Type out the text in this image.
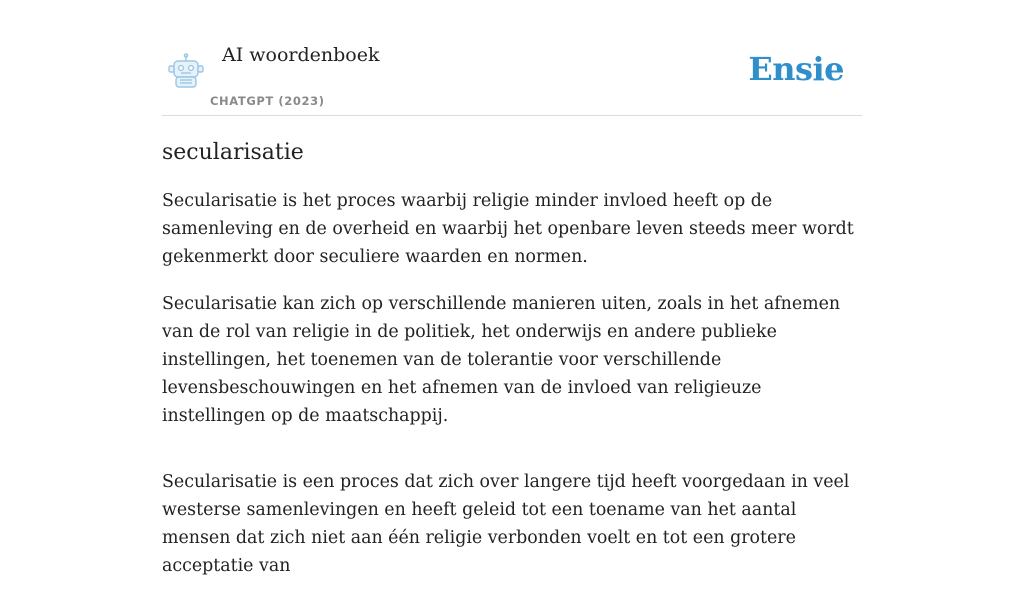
AI woordenboek
CHATGPT (2023)
Ensie
secularisatie

Secularisatie is het proces waarbij religie minder invloed heeft op de samenleving en de overheid en waarbij het openbare leven steeds meer wordt gekenmerkt door seculiere waarden en normen.

Secularisatie kan zich op verschillende manieren uiten, zoals in het afnemen van de rol van religie in de politiek, het onderwijs en andere publieke instellingen, het toenemen van de tolerantie voor verschillende levensbeschouwingen en het afnemen van de invloed van religieuze instellingen op de maatschappij.

Secularisatie is een proces dat zich over langere tijd heeft voorgedaan in veel westerse samenlevingen en heeft geleid tot een toename van het aantal mensen dat zich niet aan één religie verbonden voelt en tot een grotere acceptatie van
